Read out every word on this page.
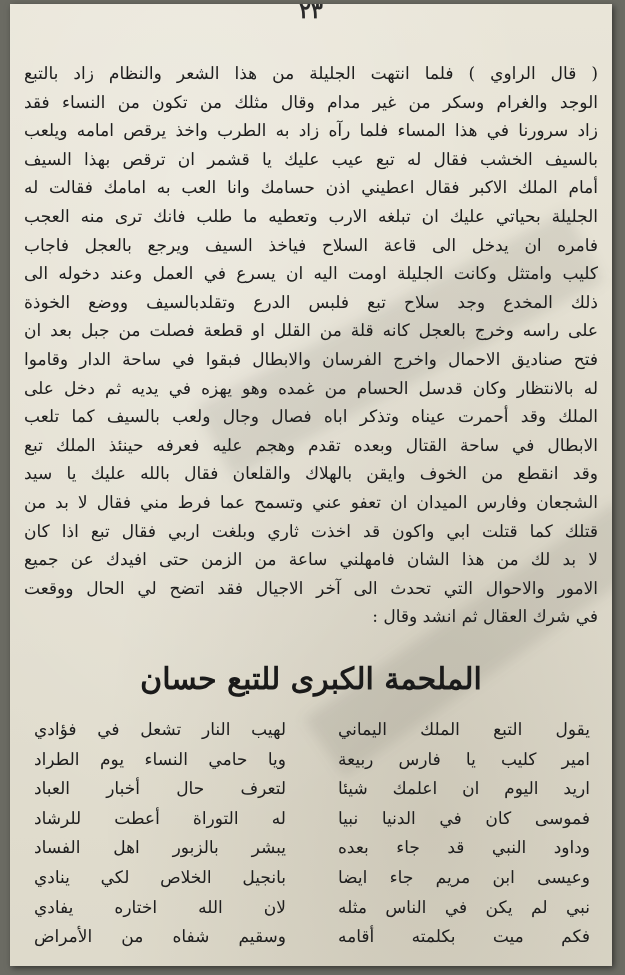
٢٣
( قال الراوي ) فلما انتهت الجليلة من هذا الشعر والنظام زاد بالتبع
الوجد والغرام وسكر من غير مدام وقال مثلك من تكون من النساء فقد
زاد سرورنا في هذا المساء فلما رآه زاد به الطرب واخذ يرقص امامه ويلعب
بالسيف الخشب فقال له تبع عيب عليك يا قشمر ان ترقص بهذا السيف
أمام الملك الاكبر فقال اعطيني اذن حسامك وانا العب به امامك فقالت له
الجليلة بحياتي عليك ان تبلغه الارب وتعطيه ما طلب فانك ترى منه العجب
فامره ان يدخل الى قاعة السلاح فياخذ السيف ويرجع بالعجل فاجاب
كليب وامتثل وكانت الجليلة اومت اليه ان يسرع في العمل وعند دخوله الى
ذلك المخدع وجد سلاح تبع فلبس الدرع وتقلدبالسيف ووضع الخوذة
على راسه وخرج بالعجل كانه قلة من القلل او قطعة فصلت من جبل بعد ان
فتح صناديق الاحمال واخرج الفرسان والابطال فبقوا في ساحة الدار وقاموا
له بالانتظار وكان قدسل الحسام من غمده وهو يهزه في يديه ثم دخل على
الملك وقد أحمرت عيناه وتذكر اباه فصال وجال ولعب بالسيف كما تلعب
الابطال في ساحة القتال وبعده تقدم وهجم عليه فعرفه حينئذ الملك تبع
وقد انقطع من الخوف وايقن بالهلاك والقلعان فقال بالله عليك يا سيد
الشجعان وفارس الميدان ان تعفو عني وتسمح عما فرط مني فقال لا بد من
قتلك كما قتلت ابي واكون قد اخذت ثاري وبلغت اربي فقال تبع اذا كان
لا بد لك من هذا الشان فامهلني ساعة من الزمن حتى افيدك عن جميع
الامور والاحوال التي تحدث الى آخر الاجيال فقد اتضح لي الحال ووقعت
في شرك العقال ثم انشد وقال :
الملحمة الكبرى للتبع حسان
يقول التبع الملك اليماني
امير كليب يا فارس ربيعة
اريد اليوم ان اعلمك شيئا
فموسى كان في الدنيا نبيا
وداود النبي قد جاء بعده
وعيسى ابن مريم جاء ايضا
نبي لم يكن في الناس مثله
فكم ميت بكلمته أقامه
لهيب النار تشعل في فؤادي
ويا حامي النساء يوم الطراد
لتعرف حال أخبار العباد
له التوراة أعطت للرشاد
يبشر بالزبور اهل الفساد
بانجيل الخلاص لكي ينادي
لان الله اختاره يفادي
وسقيم شفاه من الأمراض
